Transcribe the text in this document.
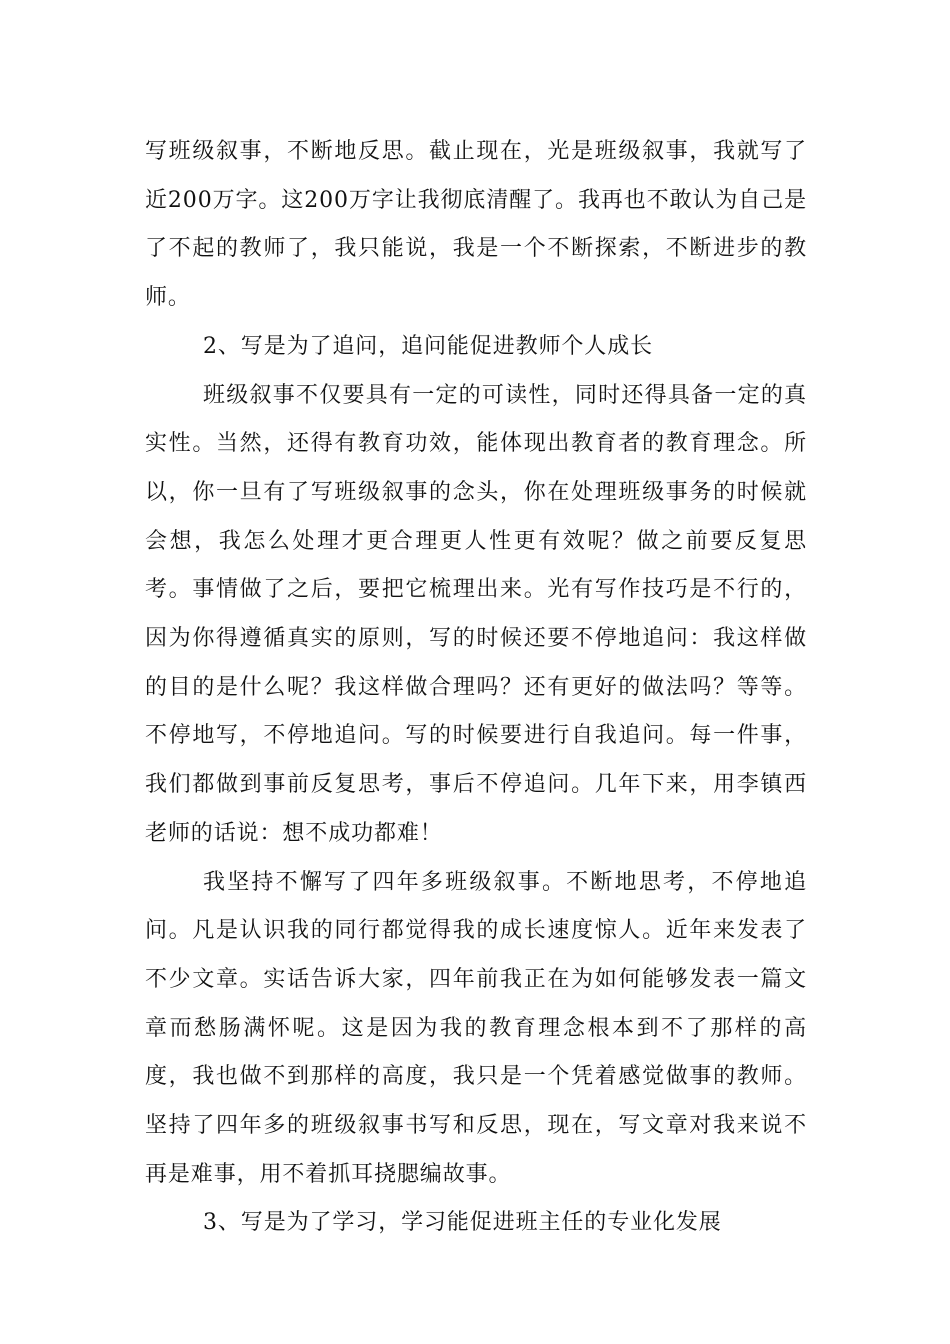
写班级叙事，不断地反思。截止现在，光是班级叙事，我就写了近200万字。这200万字让我彻底清醒了。我再也不敢认为自己是了不起的教师了，我只能说，我是一个不断探索，不断进步的教师。

2、写是为了追问，追问能促进教师个人成长

班级叙事不仅要具有一定的可读性，同时还得具备一定的真实性。当然，还得有教育功效，能体现出教育者的教育理念。所以，你一旦有了写班级叙事的念头，你在处理班级事务的时候就会想，我怎么处理才更合理更人性更有效呢？做之前要反复思考。事情做了之后，要把它梳理出来。光有写作技巧是不行的，因为你得遵循真实的原则，写的时候还要不停地追问：我这样做的目的是什么呢？我这样做合理吗？还有更好的做法吗？等等。不停地写，不停地追问。写的时候要进行自我追问。每一件事，我们都做到事前反复思考，事后不停追问。几年下来，用李镇西老师的话说：想不成功都难！

我坚持不懈写了四年多班级叙事。不断地思考，不停地追问。凡是认识我的同行都觉得我的成长速度惊人。近年来发表了不少文章。实话告诉大家，四年前我正在为如何能够发表一篇文章而愁肠满怀呢。这是因为我的教育理念根本到不了那样的高度，我也做不到那样的高度，我只是一个凭着感觉做事的教师。坚持了四年多的班级叙事书写和反思，现在，写文章对我来说不再是难事，用不着抓耳挠腮编故事。

3、写是为了学习，学习能促进班主任的专业化发展
